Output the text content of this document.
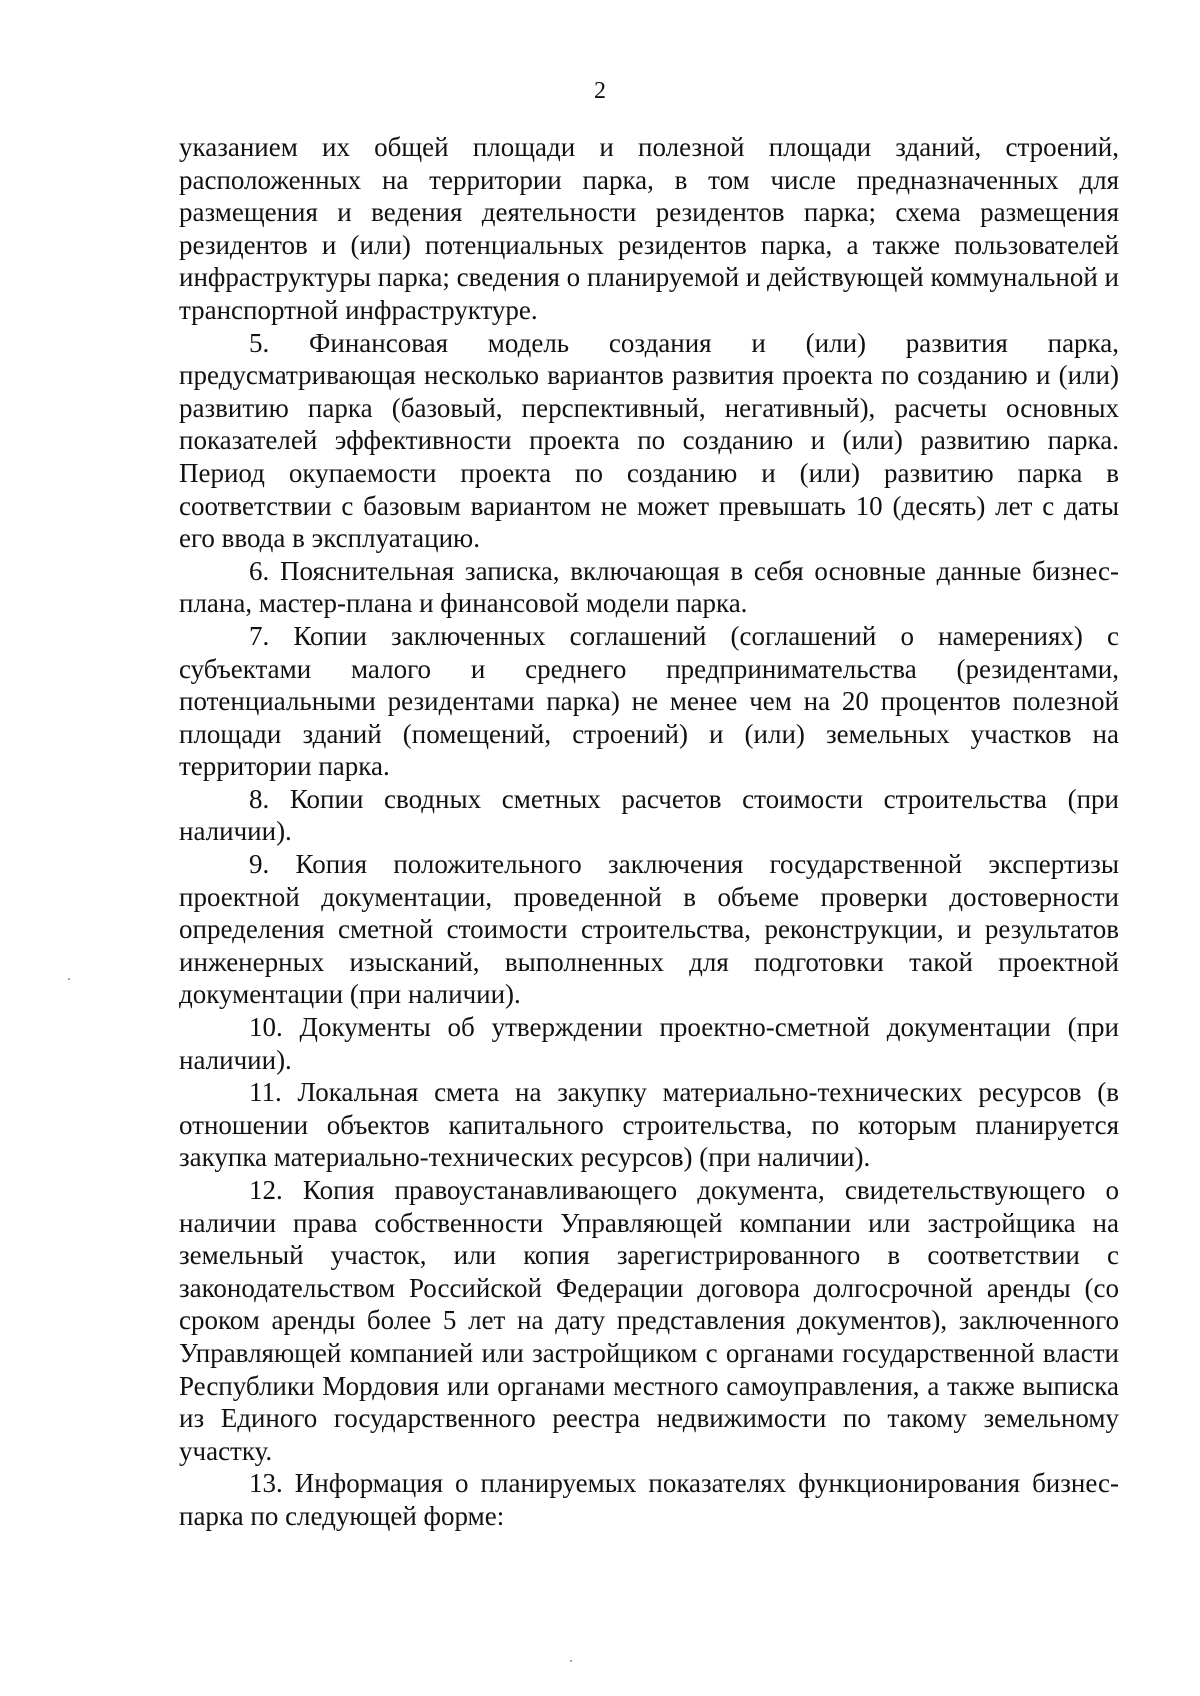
2

указанием их общей площади и полезной площади зданий, строений, расположенных на территории парка, в том числе предназначенных для размещения и ведения деятельности резидентов парка; схема размещения резидентов и (или) потенциальных резидентов парка, а также пользователей инфраструктуры парка; сведения о планируемой и действующей коммунальной и транспортной инфраструктуре.

5. Финансовая модель создания и (или) развития парка, предусматривающая несколько вариантов развития проекта по созданию и (или) развитию парка (базовый, перспективный, негативный), расчеты основных показателей эффективности проекта по созданию и (или) развитию парка. Период окупаемости проекта по созданию и (или) развитию парка в соответствии с базовым вариантом не может превышать 10 (десять) лет с даты его ввода в эксплуатацию.

6. Пояснительная записка, включающая в себя основные данные бизнес-плана, мастер-плана и финансовой модели парка.

7. Копии заключенных соглашений (соглашений о намерениях) с субъектами малого и среднего предпринимательства (резидентами, потенциальными резидентами парка) не менее чем на 20 процентов полезной площади зданий (помещений, строений) и (или) земельных участков на территории парка.

8. Копии сводных сметных расчетов стоимости строительства (при наличии).

9. Копия положительного заключения государственной экспертизы проектной документации, проведенной в объеме проверки достоверности определения сметной стоимости строительства, реконструкции, и результатов инженерных изысканий, выполненных для подготовки такой проектной документации (при наличии).

10. Документы об утверждении проектно-сметной документации (при наличии).

11. Локальная смета на закупку материально-технических ресурсов (в отношении объектов капитального строительства, по которым планируется закупка материально-технических ресурсов) (при наличии).

12. Копия правоустанавливающего документа, свидетельствующего о наличии права собственности Управляющей компании или застройщика на земельный участок, или копия зарегистрированного в соответствии с законодательством Российской Федерации договора долгосрочной аренды (со сроком аренды более 5 лет на дату представления документов), заключенного Управляющей компанией или застройщиком с органами государственной власти Республики Мордовия или органами местного самоуправления, а также выписка из Единого государственного реестра недвижимости по такому земельному участку.

13. Информация о планируемых показателях функционирования бизнес-парка по следующей форме:
